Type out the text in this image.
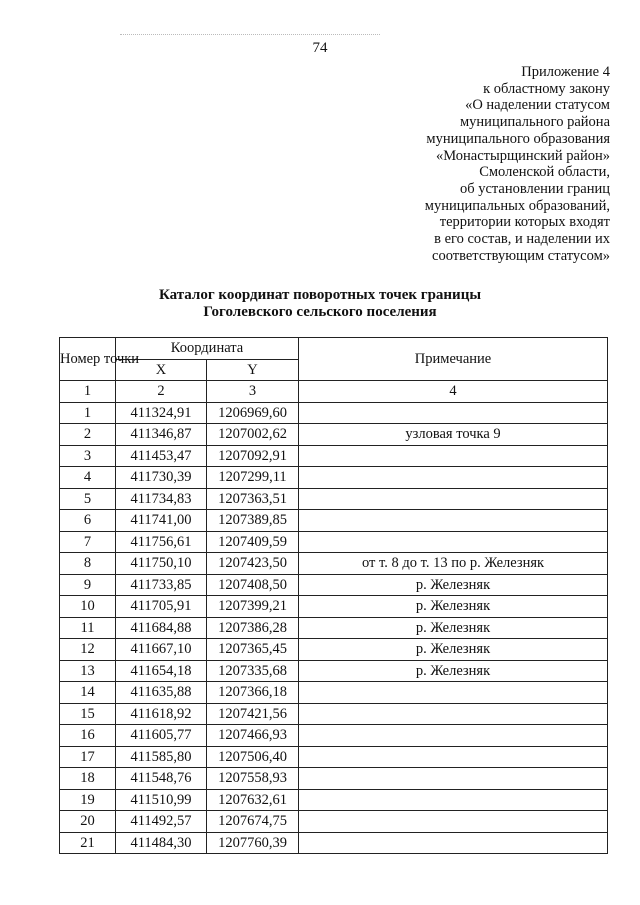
74
Приложение 4
к областному закону
«О наделении статусом
муниципального района
муниципального образования
«Монастырщинский район»
Смоленской области,
об установлении границ
муниципальных образований,
территории которых входят
в его состав, и наделении их
соответствующим статусом»
Каталог координат поворотных точек границы
Гоголевского сельского поселения
Номер точки	Координата		Примечание
	X	Y	
1	2	3	4
1	411324,91	1206969,60	
2	411346,87	1207002,62	узловая точка 9
3	411453,47	1207092,91	
4	411730,39	1207299,11	
5	411734,83	1207363,51	
6	411741,00	1207389,85	
7	411756,61	1207409,59	
8	411750,10	1207423,50	от т. 8 до т. 13 по р. Железняк
9	411733,85	1207408,50	р. Железняк
10	411705,91	1207399,21	р. Железняк
11	411684,88	1207386,28	р. Железняк
12	411667,10	1207365,45	р. Железняк
13	411654,18	1207335,68	р. Железняк
14	411635,88	1207366,18	
15	411618,92	1207421,56	
16	411605,77	1207466,93	
17	411585,80	1207506,40	
18	411548,76	1207558,93	
19	411510,99	1207632,61	
20	411492,57	1207674,75	
21	411484,30	1207760,39	
